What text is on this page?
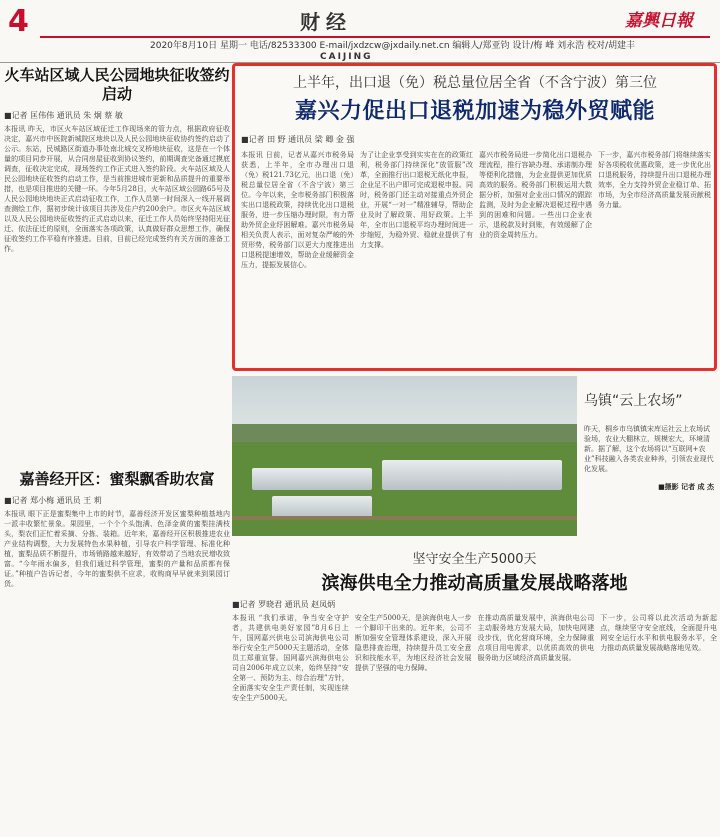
4	财经	嘉興日報
2020年8月10日 星期一 电话/82533300 E-mail/jxdzcw@jxdaily.net.cn 编辑人/郑亚钧 设计/梅 峰 刘永浩 校对/胡建丰
CAIJING
火车站区域人民公园地块征收签约启动
■记者 匡伟伟 通讯员 朱 炯 蔡 敏
本报讯 昨天，市区火车站区域征迁工作现场来的管力点，根据政府征收决定，嘉兴市中医院新城院区地块以及人民公园地块征收协约签约启动了公示。东站，民城路区街道办事处南北城交叉桥地块征收，这是在一个体量的项目同步开展，从合同房屋征收到协议签约，前期调查完备通过摸底调查，征收决定完成，现场签约工作正式进入签约阶段。火车站区域及人民公园地块征收签约启动工作，是当前推进城市更新和品质提升的重要举措，也是项目推进的关键一环。今年5月28日，火车站区域公园路65号及人民公园地块地块正式启动征收工作，工作人员第一时间深入一线开展调查测绘工作，据初步统计该项目共涉及住户约200余户。市区火车站区域以及人民公园地块征收签约正式启动以来，征迁工作人员始终坚持阳光征迁、依法征迁的原则，全面落实各项政策，认真做好群众思想工作，确保征收签约工作平稳有序推进。目前，目前已经完成签约有关方面的准备工作。
上半年，出口退（免）税总量位居全省（不含宁波）第三位
嘉兴力促出口退税加速为稳外贸赋能
■记者 田 野 通讯员 梁 卿 金 强
本报讯 日前，记者从嘉兴市税务局获悉，上半年，全市办理出口退（免）税121.73亿元，出口退（免）税总量位居全省（不含宁波）第三位。今年以来，全市税务部门积极落实出口退税政策，持续优化出口退税服务，进一步压缩办理时限，有力帮助外贸企业纾困解难。嘉兴市税务局相关负责人表示，面对复杂严峻的外贸形势，税务部门以更大力度推进出口退税提速增效，帮助企业缓解资金压力，提振发展信心。
为了让企业享受到实实在在的政策红利，税务部门持续深化“放管服”改革，全面推行出口退税无纸化申报，企业足不出户即可完成退税申报。同时，税务部门还主动对接重点外贸企业，开展“一对一”精准辅导，帮助企业及时了解政策、用好政策。上半年，全市出口退税平均办理时间进一步缩短，为稳外贸、稳就业提供了有力支撑。
嘉兴市税务局进一步简化出口退税办理流程，推行容缺办理、承诺制办理等便利化措施，为企业提供更加优质高效的服务。税务部门积极运用大数据分析，加强对企业出口情况的跟踪监测，及时为企业解决退税过程中遇到的困难和问题。一些出口企业表示，退税款及时到账，有效缓解了企业的资金周转压力。
下一步，嘉兴市税务部门将继续落实好各项税收优惠政策，进一步优化出口退税服务，持续提升出口退税办理效率，全力支持外贸企业稳订单、拓市场，为全市经济高质量发展贡献税务力量。
乌镇“云上农场”
昨天，桐乡市乌镇镇宋库运社云上农场试验场，农业大棚林立，规模宏大，环境清新。据了解，这个农场将以“互联网+农业”科技融入各类农业种养，引领农业现代化发展。
■摄影 记者 成 杰
嘉善经开区：蜜梨飘香助农富
■记者 郑小梅 通讯员 王 莉
本报讯 眼下正是蜜梨集中上市的时节，嘉善经济开发区蜜梨种植基地内一派丰收繁忙景象。果园里，一个个个头饱满、色泽金黄的蜜梨挂满枝头，梨农们正忙着采摘、分拣、装箱。近年来，嘉善经开区积极推进农业产业结构调整，大力发展特色水果种植，引导农户科学管理、标准化种植，蜜梨品质不断提升，市场销路越来越好，有效带动了当地农民增收致富。“今年雨水偏多，但我们通过科学管理，蜜梨的产量和品质都有保证。”种植户告诉记者，今年的蜜梨供不应求，收购商早早就来到果园订货。
坚守安全生产5000天
滨海供电全力推动高质量发展战略落地
■记者 罗晓君 通讯员 赵凤炳
本报讯 “我们承诺，争当安全守护者，共建供电美好家园”8月6日上午，国网嘉兴供电公司滨海供电公司举行安全生产5000天主题活动，全体员工郑重宣誓。国网嘉兴滨海供电公司自2006年成立以来，始终坚持“安全第一、预防为主、综合治理”方针，全面落实安全生产责任制，实现连续安全生产5000天。
安全生产5000天，是滨海供电人一步一个脚印干出来的。近年来，公司不断加强安全管理体系建设，深入开展隐患排查治理，持续提升员工安全意识和技能水平，为地区经济社会发展提供了坚强的电力保障。
在推动高质量发展中，滨海供电公司主动服务地方发展大局，加快电网建设步伐，优化营商环境，全力保障重点项目用电需求，以优质高效的供电服务助力区域经济高质量发展。
下一步，公司将以此次活动为新起点，继续坚守安全底线，全面提升电网安全运行水平和供电服务水平，全力推动高质量发展战略落地见效。
